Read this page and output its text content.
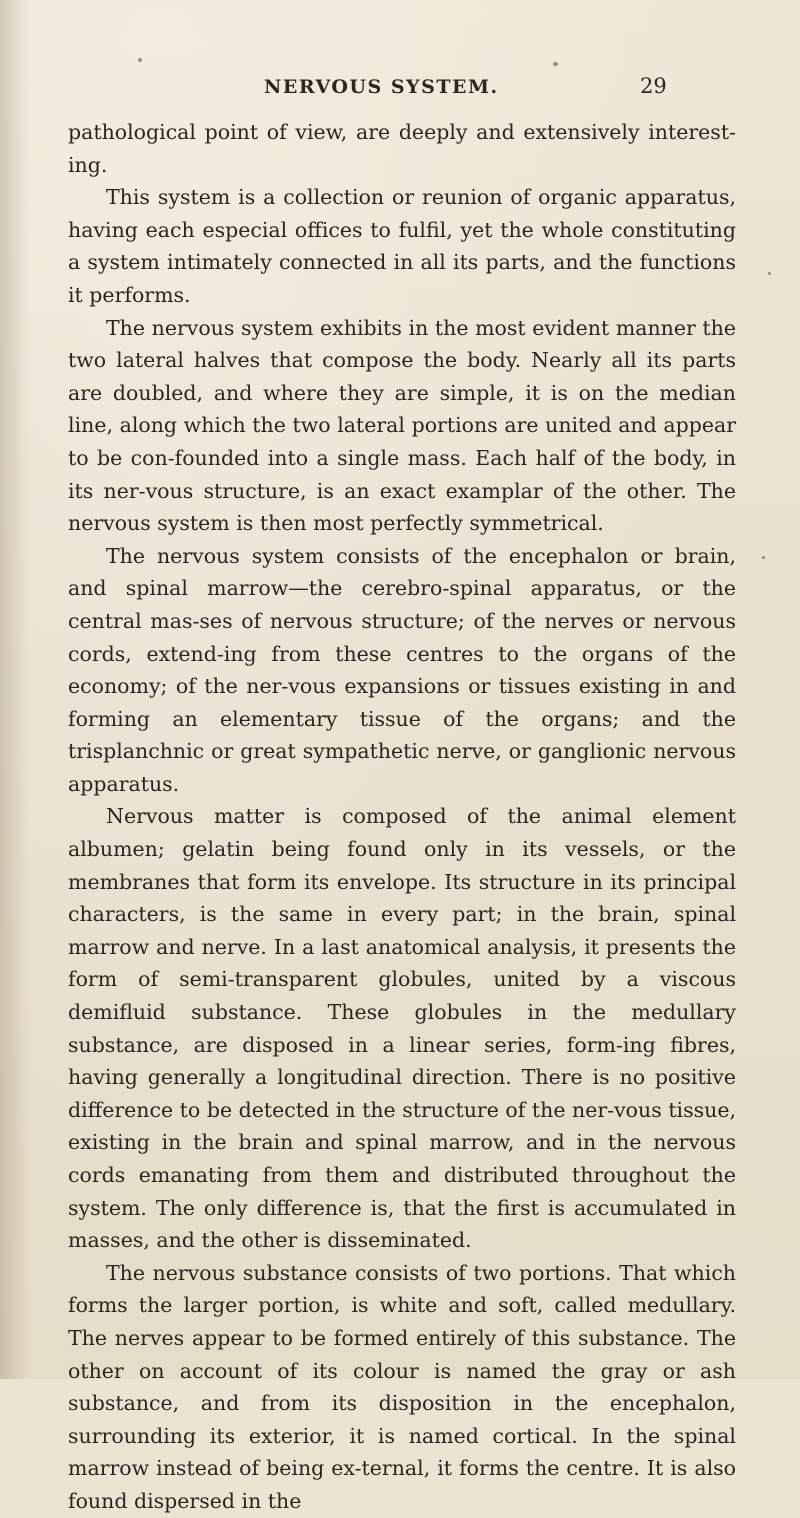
NERVOUS SYSTEM.	29

pathological point of view, are deeply and extensively interest-ing.

This system is a collection or reunion of organic apparatus, having each especial offices to fulfil, yet the whole constituting a system intimately connected in all its parts, and the functions it performs.

The nervous system exhibits in the most evident manner the two lateral halves that compose the body. Nearly all its parts are doubled, and where they are simple, it is on the median line, along which the two lateral portions are united and appear to be con-founded into a single mass. Each half of the body, in its ner-vous structure, is an exact examplar of the other. The nervous system is then most perfectly symmetrical.

The nervous system consists of the encephalon or brain, and spinal marrow—the cerebro-spinal apparatus, or the central mas-ses of nervous structure; of the nerves or nervous cords, extend-ing from these centres to the organs of the economy; of the ner-vous expansions or tissues existing in and forming an elementary tissue of the organs; and the trisplanchnic or great sympathetic nerve, or ganglionic nervous apparatus.

Nervous matter is composed of the animal element albumen; gelatin being found only in its vessels, or the membranes that form its envelope. Its structure in its principal characters, is the same in every part; in the brain, spinal marrow and nerve. In a last anatomical analysis, it presents the form of semi-transparent globules, united by a viscous demifluid substance. These globules in the medullary substance, are disposed in a linear series, form-ing fibres, having generally a longitudinal direction. There is no positive difference to be detected in the structure of the ner-vous tissue, existing in the brain and spinal marrow, and in the nervous cords emanating from them and distributed throughout the system. The only difference is, that the first is accumulated in masses, and the other is disseminated.

The nervous substance consists of two portions. That which forms the larger portion, is white and soft, called medullary. The nerves appear to be formed entirely of this substance. The other on account of its colour is named the gray or ash substance, and from its disposition in the encephalon, surrounding its exterior, it is named cortical. In the spinal marrow instead of being ex-ternal, it forms the centre. It is also found dispersed in the
